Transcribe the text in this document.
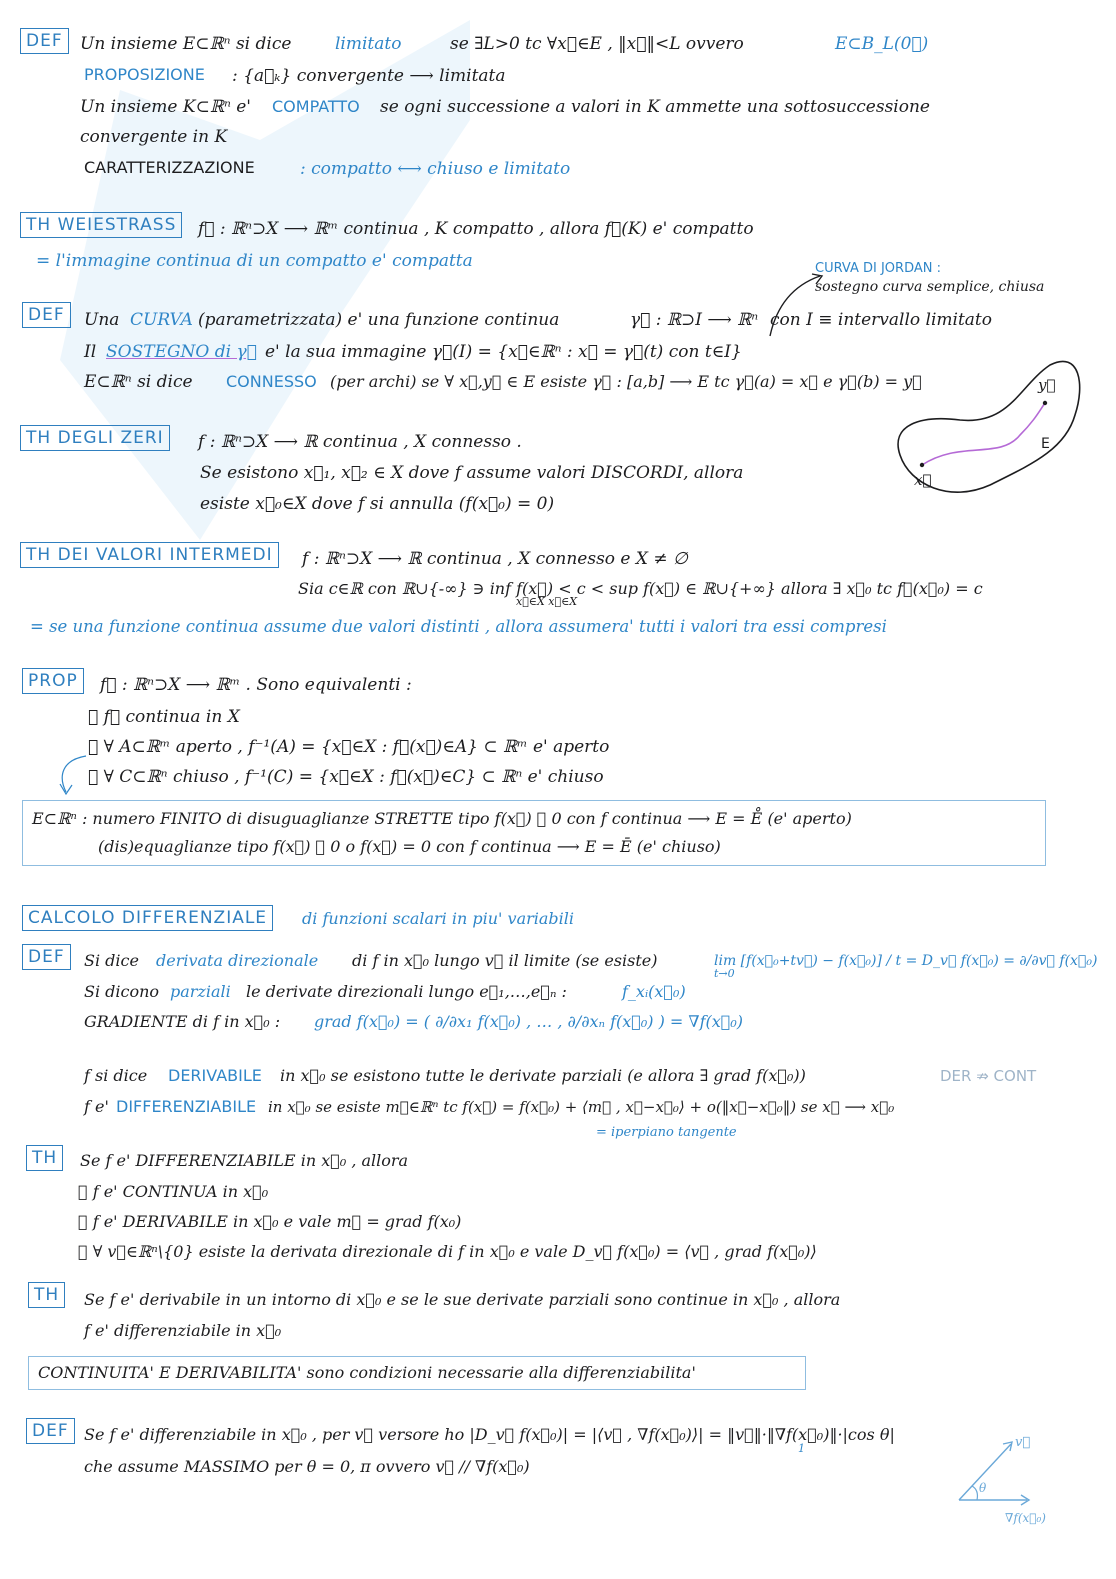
DEF	Un insieme E⊂ℝⁿ si dice	limitato	se ∃L>0 tc ∀x⃗∈E , ‖x⃗‖<L ovvero	E⊂B_L(0⃗)
PROPOSIZIONE : {a⃗ₖ} convergente ⟶ limitata
Un insieme K⊂ℝⁿ e' COMPATTO se ogni successione a valori in K ammette una sottosuccessione
convergente in K
CARATTERIZZAZIONE	: compatto ⟷ chiuso e limitato
TH WEIESTRASS	f⃗ : ℝⁿ⊃X ⟶ ℝᵐ continua , K compatto , allora f⃗(K) e' compatto
= l'immagine continua di un compatto e' compatta	CURVA DI JORDAN :
sostegno curva semplice, chiusa
DEF	Una CURVA (parametrizzata) e' una funzione continua	γ⃗ : ℝ⊃I ⟶ ℝⁿ con I ≡ intervallo limitato
Il SOSTEGNO di γ⃗ e' la sua immagine γ⃗(I) = {x⃗∈ℝⁿ : x⃗ = γ⃗(t) con t∈I}
E⊂ℝⁿ si dice CONNESSO (per archi) se ∀ x⃗,y⃗ ∈ E esiste γ⃗ : [a,b] ⟶ E tc γ⃗(a) = x⃗ e γ⃗(b) = y⃗	y⃗
x⃗
E
TH DEGLI ZERI	f : ℝⁿ⊃X ⟶ ℝ continua , X connesso .
Se esistono x⃗₁, x⃗₂ ∈ X dove f assume valori DISCORDI, allora
esiste x⃗₀∈X dove f si annulla (f(x⃗₀) = 0)
TH DEI VALORI INTERMEDI	f : ℝⁿ⊃X ⟶ ℝ continua , X connesso e X ≠ ∅
Sia c∈ℝ con ℝ∪{-∞} ∋ inf f(x⃗) < c < sup f(x⃗) ∈ ℝ∪{+∞} allora ∃ x⃗₀ tc f⃗(x⃗₀) = c
x⃗∈X x⃗∈X
= se una funzione continua assume due valori distinti , allora assumera' tutti i valori tra essi compresi
PROP	f⃗ : ℝⁿ⊃X ⟶ ℝᵐ . Sono equivalenti :
① f⃗ continua in X
② ∀ A⊂ℝᵐ aperto , f⁻¹(A) = {x⃗∈X : f⃗(x⃗)∈A} ⊂ ℝᵐ e' aperto
③ ∀ C⊂ℝⁿ chiuso , f⁻¹(C) = {x⃗∈X : f⃗(x⃗)∈C} ⊂ ℝⁿ e' chiuso
E⊂ℝⁿ : numero FINITO di disuguaglianze STRETTE tipo f(x⃗) ≷ 0 con f continua ⟶ E = E̊ (e' aperto)
(dis)equaglianze tipo f(x⃗) ≶ 0 o f(x⃗) = 0 con f continua ⟶ E = Ē (e' chiuso)
CALCOLO DIFFERENZIALE	di funzioni scalari in piu' variabili
DEF	Si dice derivata direzionale di f in x⃗₀ lungo v⃗ il limite (se esiste)	lim [f(x⃗₀+tv⃗) − f(x⃗₀)] / t = D_v⃗ f(x⃗₀) = ∂/∂v⃗ f(x⃗₀)
t→0
Si dicono parziali le derivate direzionali lungo e⃗₁,…,e⃗ₙ :	f_xᵢ(x⃗₀)
GRADIENTE di f in x⃗₀ : grad f(x⃗₀) = ( ∂/∂x₁ f(x⃗₀) , … , ∂/∂xₙ f(x⃗₀) ) = ∇f(x⃗₀)
f si dice DERIVABILE in x⃗₀ se esistono tutte le derivate parziali (e allora ∃ grad f(x⃗₀))	DER ⇏ CONT
f e' DIFFERENZIABILE in x⃗₀ se esiste m⃗∈ℝⁿ tc f(x⃗) = f(x⃗₀) + ⟨m⃗ , x⃗−x⃗₀⟩ + o(‖x⃗−x⃗₀‖) se x⃗ ⟶ x⃗₀
= iperpiano tangente
TH	Se f e' DIFFERENZIABILE in x⃗₀ , allora
① f e' CONTINUA in x⃗₀
① f e' DERIVABILE in x⃗₀ e vale m⃗ = grad f(x₀)
① ∀ v⃗∈ℝⁿ\{0} esiste la derivata direzionale di f in x⃗₀ e vale D_v⃗ f(x⃗₀) = ⟨v⃗ , grad f(x⃗₀)⟩
TH	Se f e' derivabile in un intorno di x⃗₀ e se le sue derivate parziali sono continue in x⃗₀ , allora
f e' differenziabile in x⃗₀
CONTINUITA' E DERIVABILITA' sono condizioni necessarie alla differenziabilita'
DEF Se f e' differenziabile in x⃗₀ , per v⃗ versore ho |D_v⃗ f(x⃗₀)| = |⟨v⃗ , ∇f(x⃗₀)⟩| = ‖v⃗‖·‖∇f(x⃗₀)‖·|cos θ|
1
che assume MASSIMO per θ = 0, π ovvero v⃗ // ∇f(x⃗₀)
v⃗
θ
∇f(x⃗₀)
